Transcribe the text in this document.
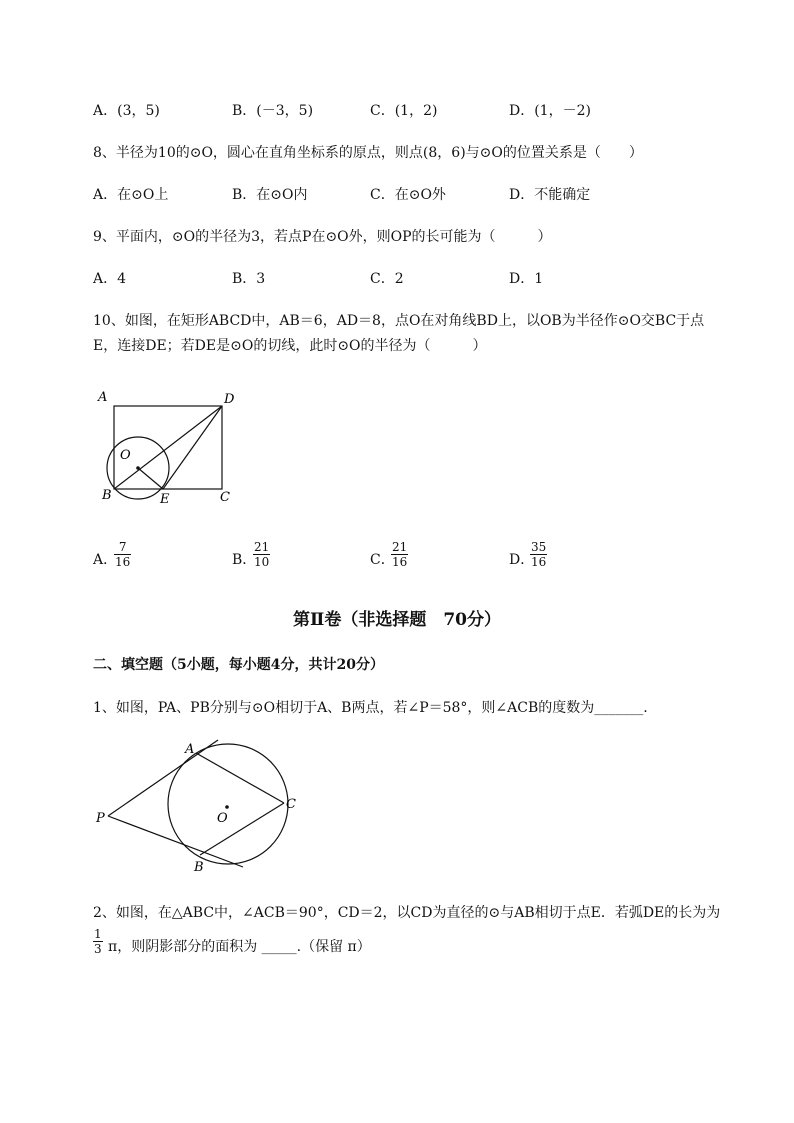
A．(3，5)	B．(－3，5)	C．(1，2)	D．(1，－2)
8、半径为10的⊙O，圆心在直角坐标系的原点，则点(8，6)与⊙O的位置关系是（　　）
A．在⊙O上	B．在⊙O内	C．在⊙O外	D．不能确定
9、平面内，⊙O的半径为3，若点P在⊙O外，则OP的长可能为（　　　）
A．4	B．3	C．2	D．1
10、如图，在矩形ABCD中，AB＝6，AD＝8，点O在对角线BD上，以OB为半径作⊙O交BC于点
E，连接DE；若DE是⊙O的切线，此时⊙O的半径为（　　　）
A	D
O
B	E	C
A．
7
16	B．
21
10	C．
21
16	D．
35
16
第Ⅱ卷（非选择题　70分）
二、填空题（5小题，每小题4分，共计20分）
1、如图，PA、PB分别与⊙O相切于A、B两点，若∠P＝58°，则∠ACB的度数为_______.
A
P	O
C
B
2、如图，在△ABC中，∠ACB＝90°，CD＝2，以CD为直径的⊙与AB相切于点E．若弧DE的长为为
1
3 π，则阴影部分的面积为 _____.（保留 π）
